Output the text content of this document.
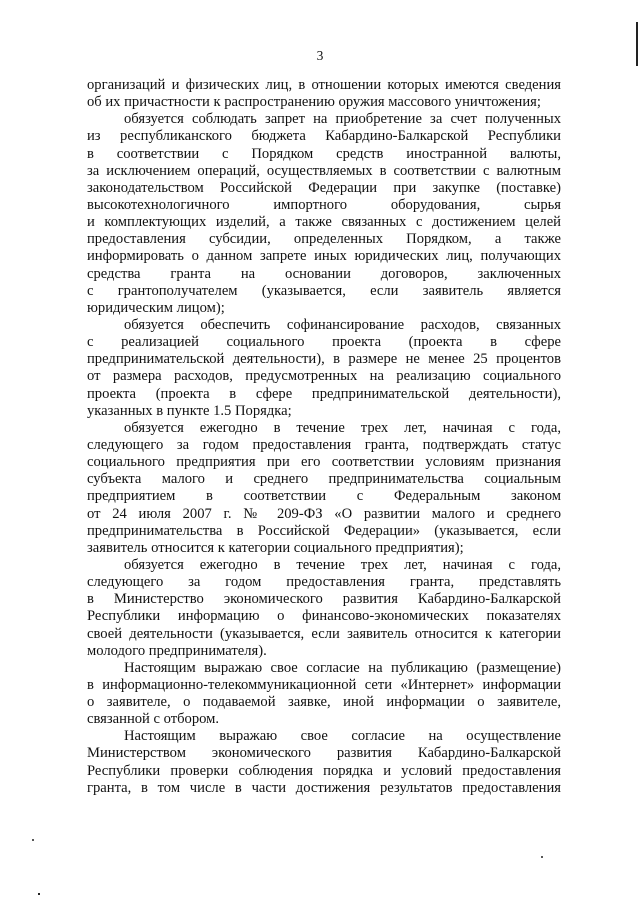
3
организаций и физических лиц, в отношении которых имеются сведения
об их причастности к распространению оружия массового уничтожения;
обязуется соблюдать запрет на приобретение за счет полученных
из республиканского бюджета Кабардино-Балкарской Республики
в соответствии с Порядком средств иностранной валюты,
за исключением операций, осуществляемых в соответствии с валютным
законодательством Российской Федерации при закупке (поставке)
высокотехнологичного импортного оборудования, сырья
и комплектующих изделий, а также связанных с достижением целей
предоставления субсидии, определенных Порядком, а также
информировать о данном запрете иных юридических лиц, получающих
средства гранта на основании договоров, заключенных
с грантополучателем (указывается, если заявитель является
юридическим лицом);
обязуется обеспечить софинансирование расходов, связанных
с реализацией социального проекта (проекта в сфере
предпринимательской деятельности), в размере не менее 25 процентов
от размера расходов, предусмотренных на реализацию социального
проекта (проекта в сфере предпринимательской деятельности),
указанных в пункте 1.5 Порядка;
обязуется ежегодно в течение трех лет, начиная с года,
следующего за годом предоставления гранта, подтверждать статус
социального предприятия при его соответствии условиям признания
субъекта малого и среднего предпринимательства социальным
предприятием в соответствии с Федеральным законом
от 24 июля 2007 г. № 209-ФЗ «О развитии малого и среднего
предпринимательства в Российской Федерации» (указывается, если
заявитель относится к категории социального предприятия);
обязуется ежегодно в течение трех лет, начиная с года,
следующего за годом предоставления гранта, представлять
в Министерство экономического развития Кабардино-Балкарской
Республики информацию о финансово-экономических показателях
своей деятельности (указывается, если заявитель относится к категории
молодого предпринимателя).
Настоящим выражаю свое согласие на публикацию (размещение)
в информационно-телекоммуникационной сети «Интернет» информации
о заявителе, о подаваемой заявке, иной информации о заявителе,
связанной с отбором.
Настоящим выражаю свое согласие на осуществление
Министерством экономического развития Кабардино-Балкарской
Республики проверки соблюдения порядка и условий предоставления
гранта, в том числе в части достижения результатов предоставления
